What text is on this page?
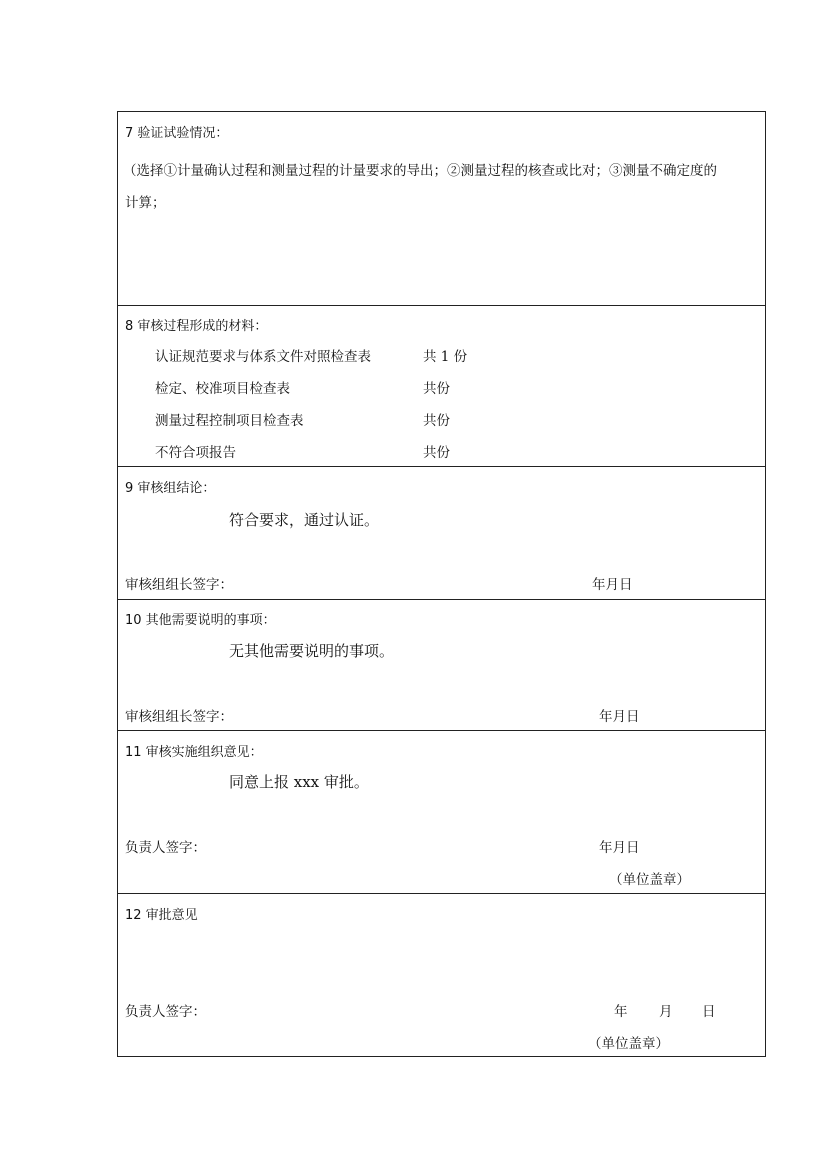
7 验证试验情况：
（选择①计量确认过程和测量过程的计量要求的导出；②测量过程的核查或比对；③测量不确定度的
计算；
8 审核过程形成的材料：
认证规范要求与体系文件对照检查表	共 1 份
检定、校准项目检查表	共份
测量过程控制项目检查表	共份
不符合项报告	共份
9 审核组结论：
符合要求，通过认证。
审核组组长签字：	年月日
10 其他需要说明的事项：
无其他需要说明的事项。
审核组组长签字：	年月日
11 审核实施组织意见：
同意上报 xxx 审批。
负责人签字：	年月日
（单位盖章）
12 审批意见
负责人签字：	年 月 日
（单位盖章）
